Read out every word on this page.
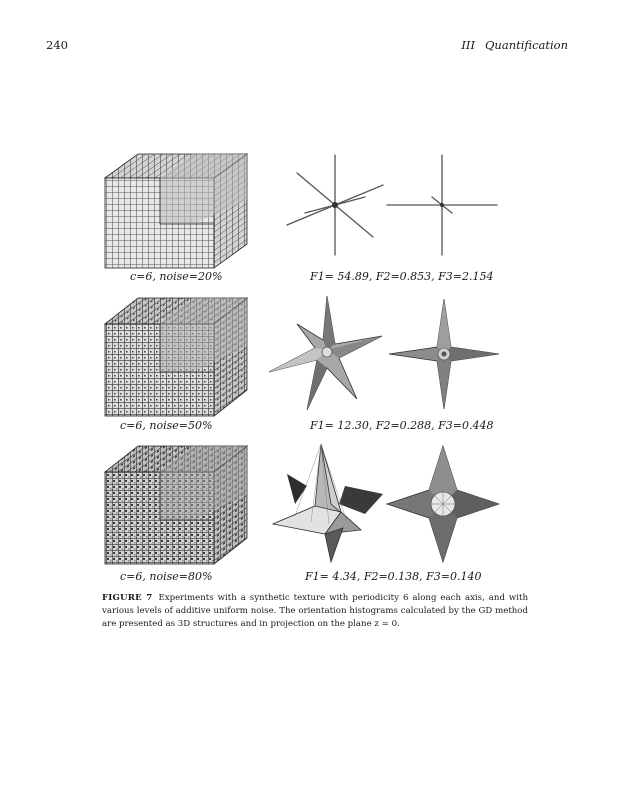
240	III Quantification
c=6, noise=20%	F1= 54.89, F2=0.853, F3=2.154
c=6, noise=50%	F1= 12.30, F2=0.288, F3=0.448
c=6, noise=80%	F1= 4.34, F2=0.138, F3=0.140
FIGURE 7 Experiments with a synthetic texture with periodicity 6 along each axis, and with various levels of additive uniform noise. The orientation histograms calculated by the GD method are presented as 3D structures and in projection on the plane z = 0.
